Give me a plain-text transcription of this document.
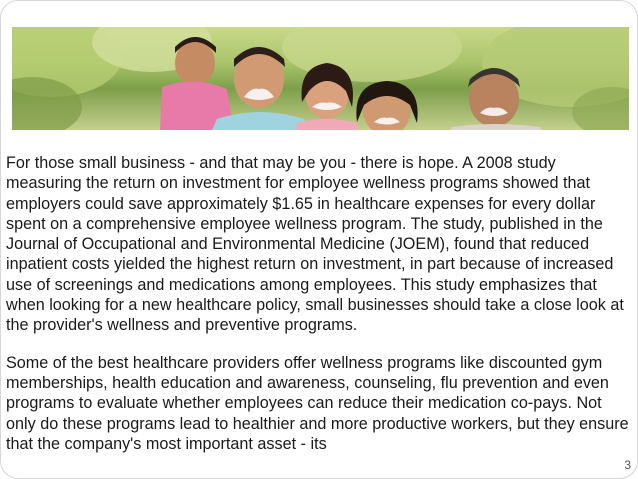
For those small business - and that may be you - there is hope. A 2008 study measuring the return on investment for employee wellness programs showed that employers could save approximately $1.65 in healthcare expenses for every dollar spent on a comprehensive employee wellness program. The study, published in the Journal of Occupational and Environmental Medicine (JOEM), found that reduced inpatient costs yielded the highest return on investment, in part because of increased use of screenings and medications among employees. This study emphasizes that when looking for a new healthcare policy, small businesses should take a close look at the provider's wellness and preventive programs.

Some of the best healthcare providers offer wellness programs like discounted gym memberships, health education and awareness, counseling, flu prevention and even programs to evaluate whether employees can reduce their medication co-pays. Not only do these programs lead to healthier and more productive workers, but they ensure that the company's most important asset - its

3
